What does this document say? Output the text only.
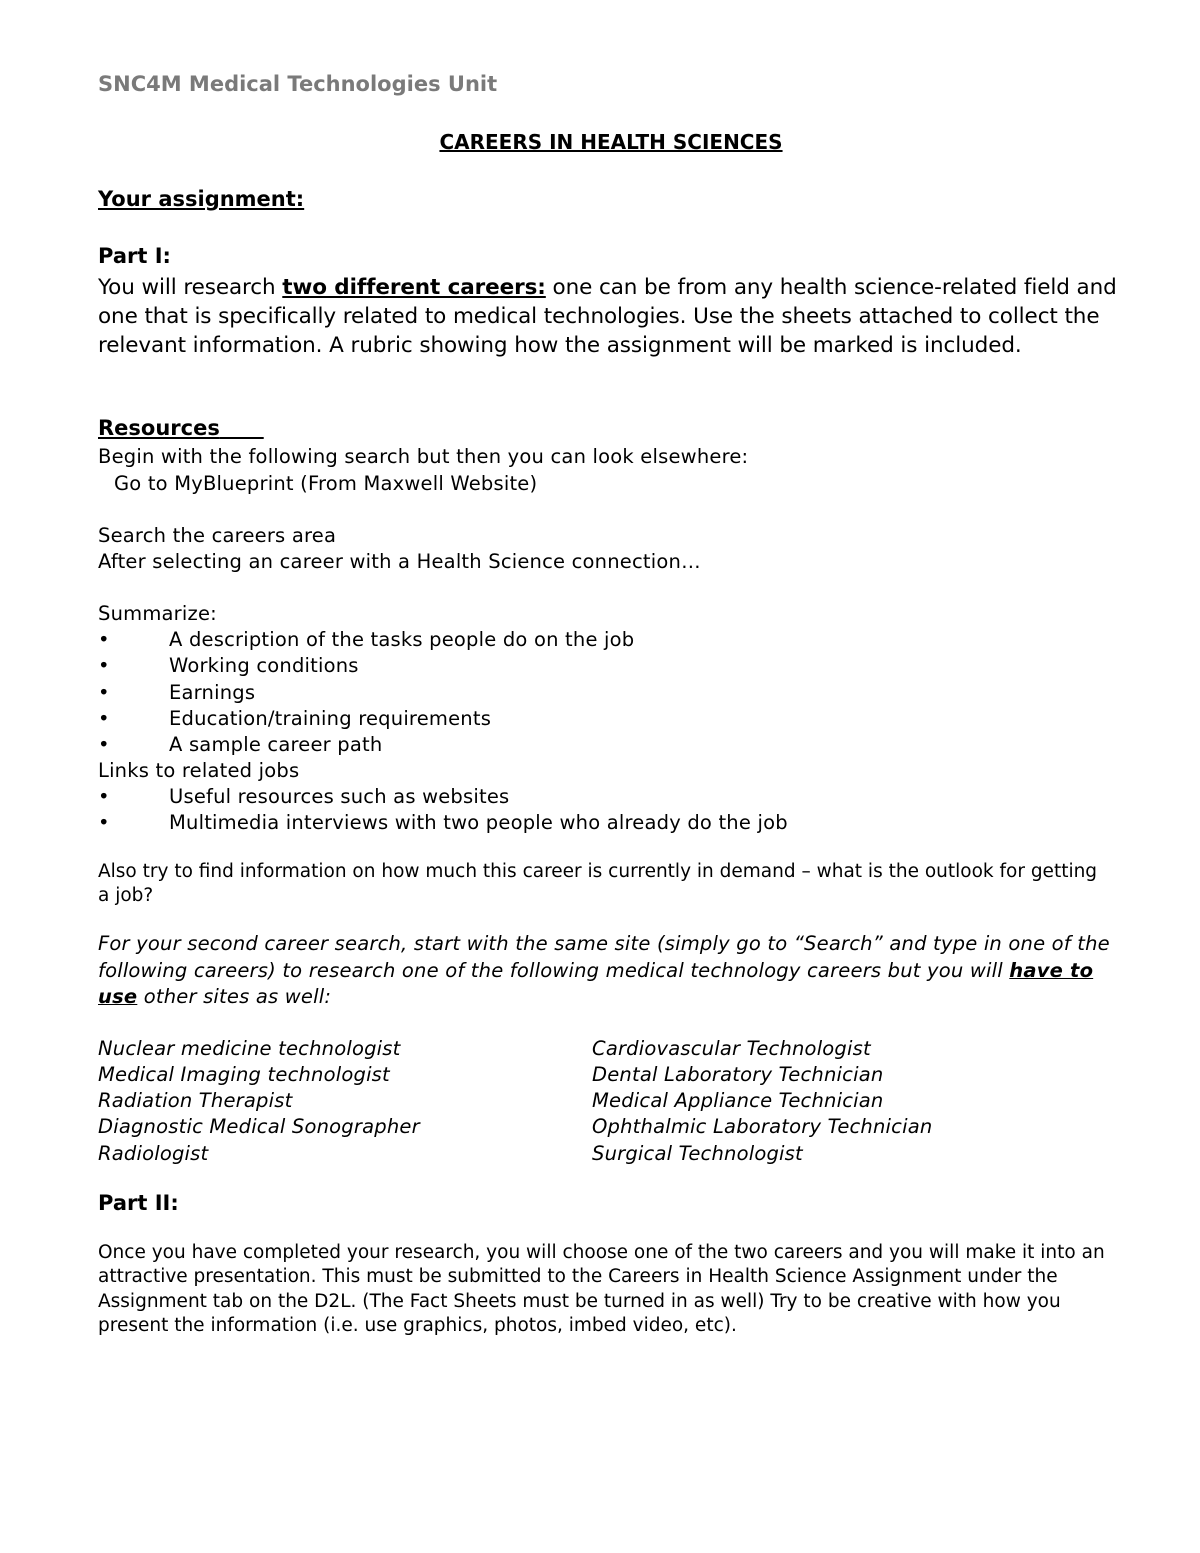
SNC4M Medical Technologies Unit
CAREERS IN HEALTH SCIENCES
Your assignment:
Part I:
You will research two different careers: one can be from any health science-related field and one that is specifically related to medical technologies. Use the sheets attached to collect the relevant information. A rubric showing how the assignment will be marked is included.
Resources
Begin with the following search but then you can look elsewhere:
Go to MyBlueprint (From Maxwell Website)
Search the careers area
After selecting an career with a Health Science connection…
Summarize:
•	A description of the tasks people do on the job
•	Working conditions
•	Earnings
•	Education/training requirements
•	A sample career path
Links to related jobs
•	Useful resources such as websites
•	Multimedia interviews with two people who already do the job
Also try to find information on how much this career is currently in demand – what is the outlook for getting a job?
For your second career search, start with the same site (simply go to “Search” and type in one of the following careers) to research one of the following medical technology careers but you will have to use other sites as well:
Nuclear medicine technologist
Medical Imaging technologist
Radiation Therapist
Diagnostic Medical Sonographer
Radiologist
Cardiovascular Technologist
Dental Laboratory Technician
Medical Appliance Technician
Ophthalmic Laboratory Technician
Surgical Technologist
Part II:
Once you have completed your research, you will choose one of the two careers and you will make it into an attractive presentation. This must be submitted to the Careers in Health Science Assignment under the Assignment tab on the D2L. (The Fact Sheets must be turned in as well) Try to be creative with how you present the information (i.e. use graphics, photos, imbed video, etc).
